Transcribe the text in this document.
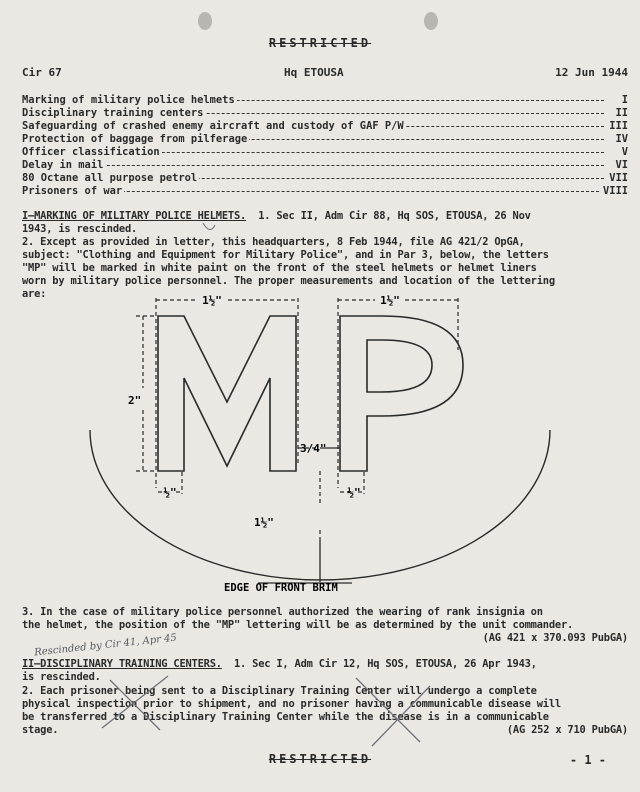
RESTRICTED
Cir 67	Hq ETOUSA	12 Jun 1944
Marking of military police helmets	I
Disciplinary training centers	II
Safeguarding of crashed enemy aircraft and custody of GAF P/W	III
Protection of baggage from pilferage	IV
Officer classification	V
Delay in mail	VI
80 Octane all purpose petrol	VII
Prisoners of war	VIII
I—MARKING OF MILITARY POLICE HELMETS. 1. Sec II, Adm Cir 88, Hq SOS, ETOUSA, 26 Nov
1943, is rescinded.
2. Except as provided in letter, this headquarters, 8 Feb 1944, file AG 421/2 OpGA,
subject: "Clothing and Equipment for Military Police", and in Par 3, below, the letters
"MP" will be marked in white paint on the front of the steel helmets or helmet liners
worn by military police personnel. The proper measurements and location of the lettering
are:	1½"	1½"
2"
3/4"
½"	½"
1½"
EDGE OF FRONT BRIM
3. In the case of military police personnel authorized the wearing of rank insignia on
the helmet, the position of the "MP" lettering will be as determined by the unit commander.
(AG 421 x 370.093 PubGA)
II—DISCIPLINARY TRAINING CENTERS. 1. Sec I, Adm Cir 12, Hq SOS, ETOUSA, 26 Apr 1943,
is rescinded.
Rescinded by Cir 41, Apr 45
2. Each prisoner being sent to a Disciplinary Training Center will undergo a complete
physical inspection prior to shipment, and no prisoner having a communicable disease will
be transferred to a Disciplinary Training Center while the disease is in a communicable
stage.	(AG 252 x 710 PubGA)
RESTRICTED	- 1 -
